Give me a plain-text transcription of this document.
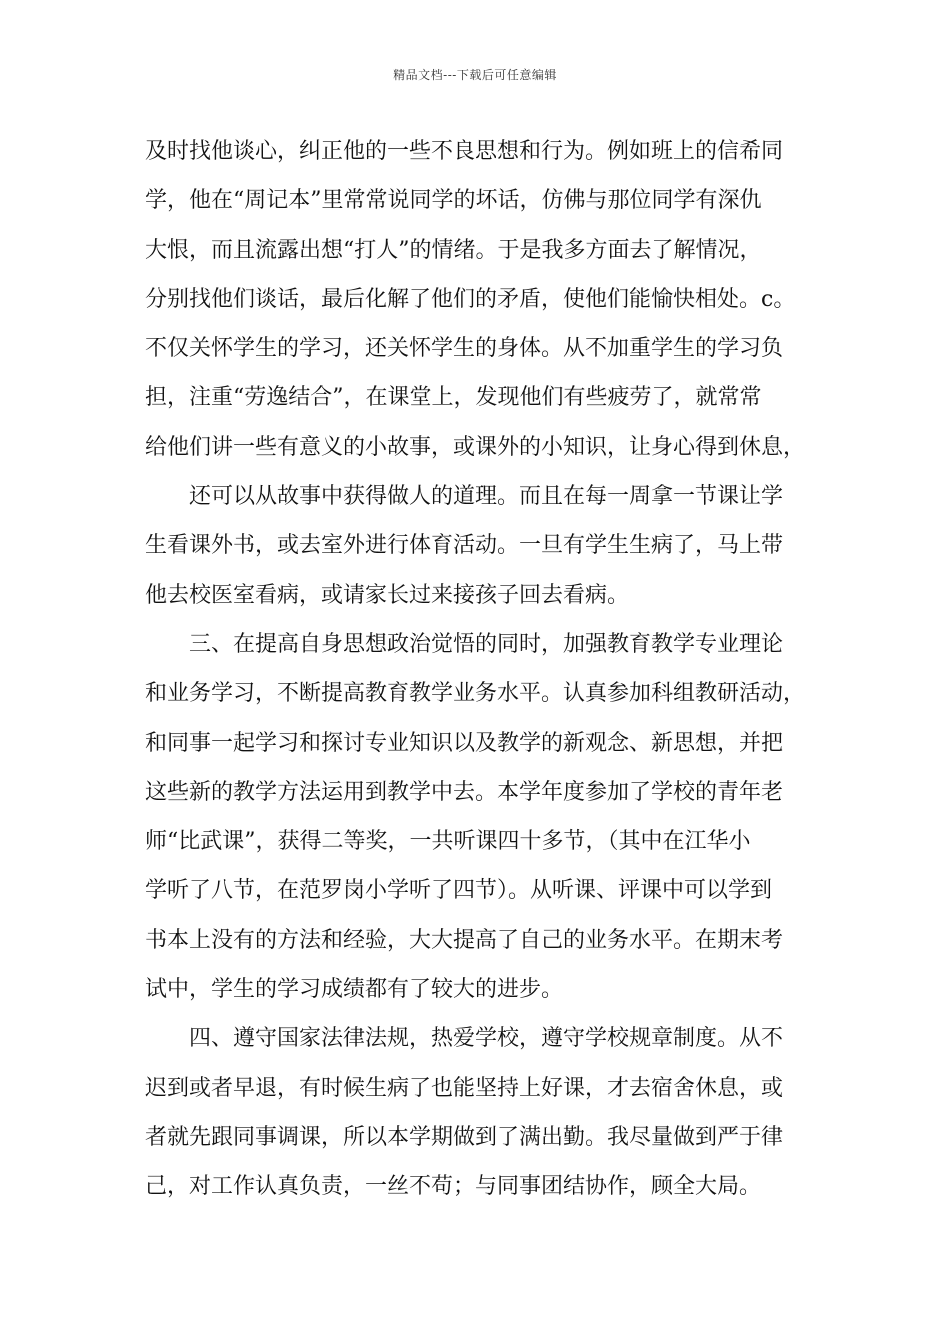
精品文档---下载后可任意编辑
及时找他谈心，纠正他的一些不良思想和行为。例如班上的信希同
学，他在“周记本”里常常说同学的坏话，仿佛与那位同学有深仇
大恨，而且流露出想“打人”的情绪。于是我多方面去了解情况，
分别找他们谈话，最后化解了他们的矛盾，使他们能愉快相处。c。
不仅关怀学生的学习，还关怀学生的身体。从不加重学生的学习负
担，注重“劳逸结合”，在课堂上，发现他们有些疲劳了，就常常
给他们讲一些有意义的小故事，或课外的小知识，让身心得到休息，
还可以从故事中获得做人的道理。而且在每一周拿一节课让学
生看课外书，或去室外进行体育活动。一旦有学生生病了，马上带
他去校医室看病，或请家长过来接孩子回去看病。
三、在提高自身思想政治觉悟的同时，加强教育教学专业理论
和业务学习，不断提高教育教学业务水平。认真参加科组教研活动，
和同事一起学习和探讨专业知识以及教学的新观念、新思想，并把
这些新的教学方法运用到教学中去。本学年度参加了学校的青年老
师“比武课”，获得二等奖，一共听课四十多节，（其中在江华小
学听了八节，在范罗岗小学听了四节）。从听课、评课中可以学到
书本上没有的方法和经验，大大提高了自己的业务水平。在期末考
试中，学生的学习成绩都有了较大的进步。
四、遵守国家法律法规，热爱学校，遵守学校规章制度。从不
迟到或者早退，有时候生病了也能坚持上好课，才去宿舍休息，或
者就先跟同事调课，所以本学期做到了满出勤。我尽量做到严于律
己，对工作认真负责，一丝不苟；与同事团结协作，顾全大局。
